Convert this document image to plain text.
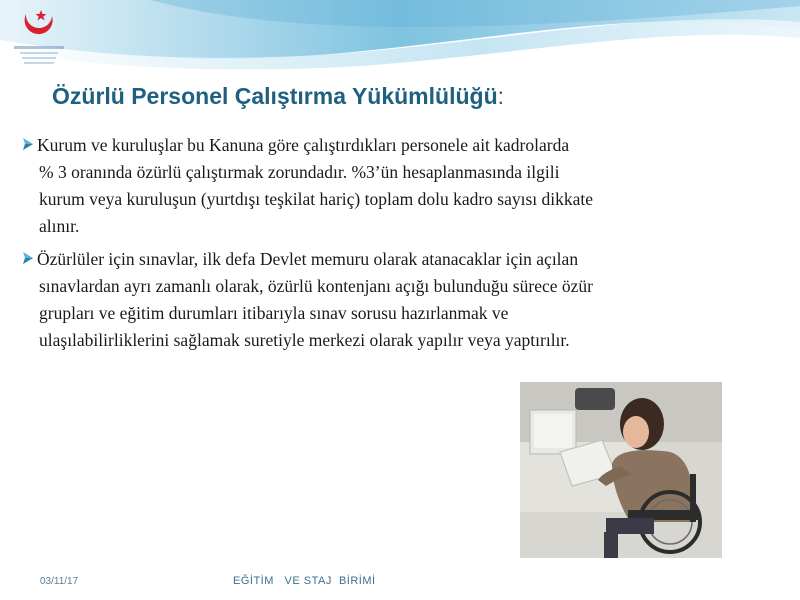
Özürlü Personel Çalıştırma Yükümlülüğü:
Kurum ve kuruluşlar bu Kanuna göre çalıştırdıkları personele ait kadrolarda
% 3 oranında özürlü çalıştırmak zorundadır. %3’ün hesaplanmasında ilgili
kurum veya kuruluşun (yurtdışı teşkilat hariç) toplam dolu kadro sayısı dikkate
alınır.
Özürlüler için sınavlar, ilk defa Devlet memuru olarak atanacaklar için açılan
sınavlardan ayrı zamanlı olarak, özürlü kontenjanı açığı bulunduğu sürece özür
grupları ve eğitim durumları itibarıyla sınav sorusu hazırlanmak ve
ulaşılabilirliklerini sağlamak suretiyle merkezi olarak yapılır veya yaptırılır.
03/11/17	EĞİTİM   VE STAJ  BİRİMİ
